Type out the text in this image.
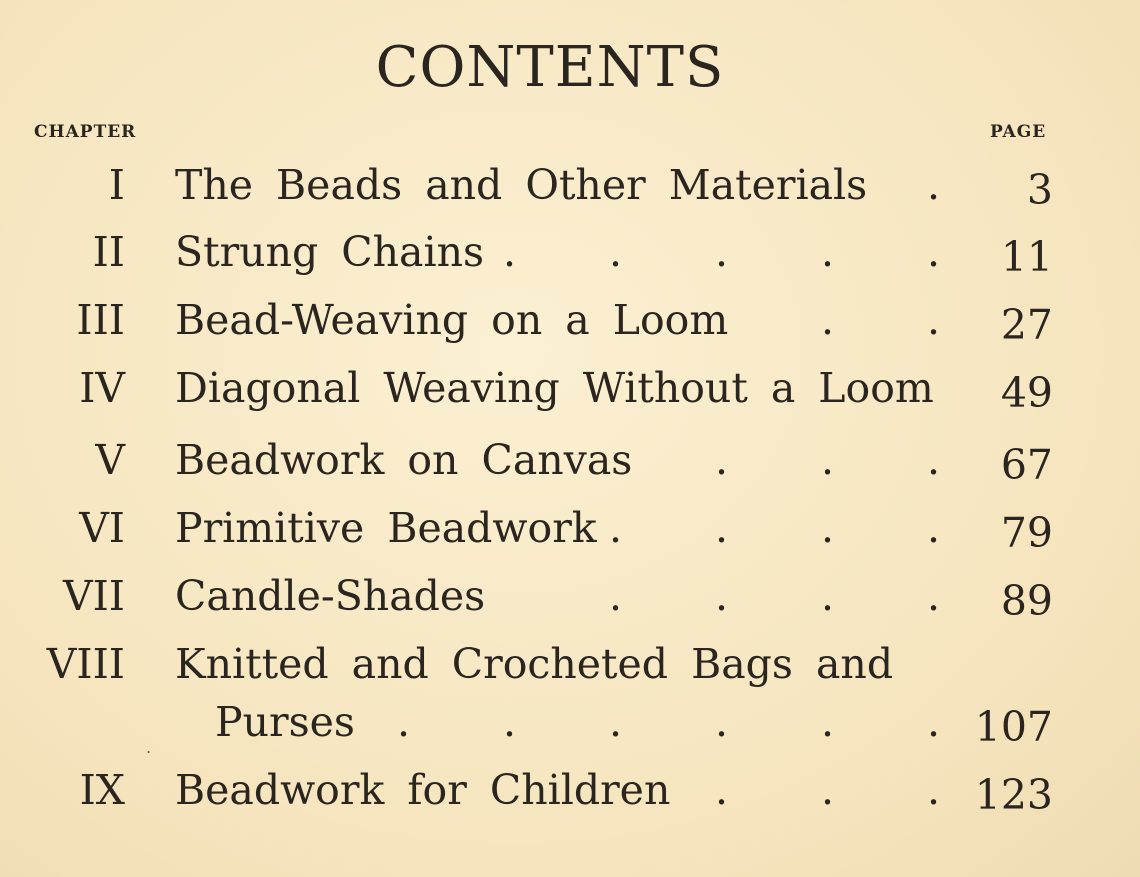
CONTENTS
CHAPTER	PAGE
I The Beads and Other Materials	. 3
II Strung Chains .	.	.	.	. 11
III Bead-Weaving on a Loom	.	. 27
IV Diagonal Weaving Without a Loom 49
V Beadwork on Canvas	.	.	. 67
VI Primitive Beadwork .	.	.	. 79
VII Candle-Shades	.	.	.	. 89
VIII Knitted and Crocheted Bags and
Purses	.	.	.	.	.	. 107
IX Beadwork for Children	.	.	. 123
.
